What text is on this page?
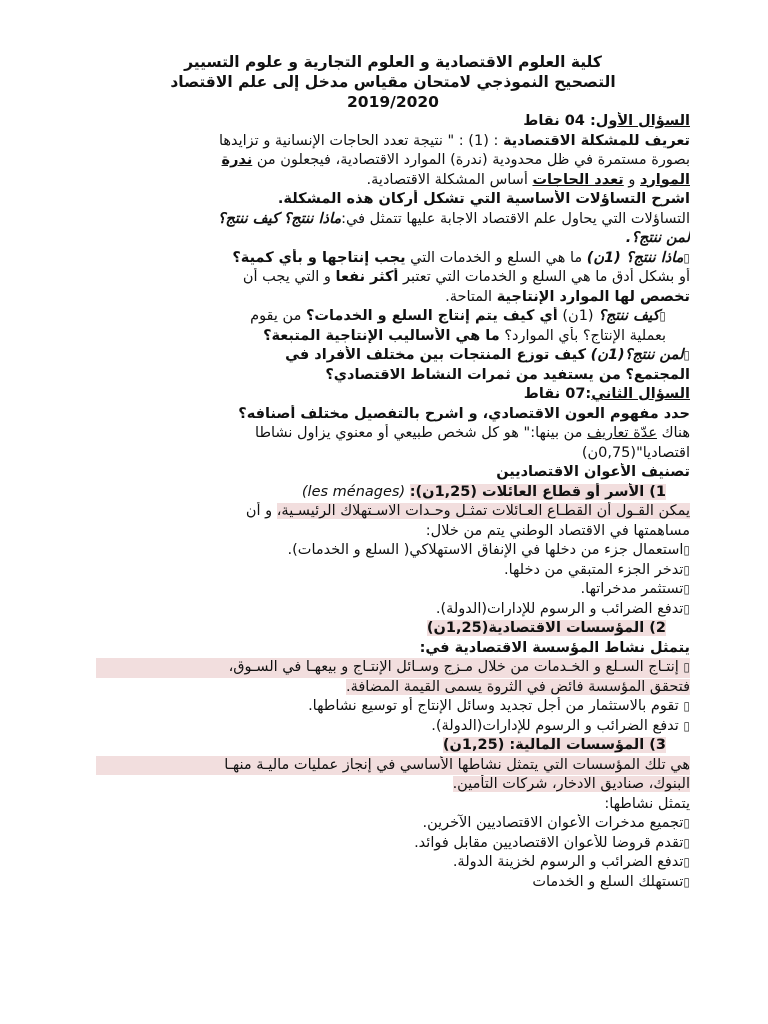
كلية العلوم الاقتصادية و العلوم التجارية و علوم التسيير
التصحيح النموذجي لامتحان مقياس مدخل إلى علم الاقتصاد
2019/2020
السؤال الأول: 04 نقاط
تعريف للمشكلة الاقتصادية : (1) : " نتيجة تعدد الحاجات الإنسانية و تزايدها
بصورة مستمرة في ظل محدودية (ندرة) الموارد الاقتصادية، فيجعلون من ندرة
الموارد و تعدد الحاجات أساس المشكلة الاقتصادية.
اشرح التساؤلات الأساسية التي تشكل أركان هذه المشكلة.
التساؤلات التي يحاول علم الاقتصاد الاجابة عليها تتمثل في:ماذا ننتج؟ كيف ننتج؟
لمن ننتج؟.
▯ماذا ننتج؟ (1ن) ما هي السلع و الخدمات التي يجب إنتاجها و بأي كمية؟
أو بشكل أدق ما هي السلع و الخدمات التي تعتبر أكثر نفعا و التي يجب أن
تخصص لها الموارد الإنتاجية المتاحة.
▯كيف ننتج؟ (1ن) أي كيف يتم إنتاج السلع و الخدمات؟ من يقوم
بعملية الإنتاج؟ بأي الموارد؟ ما هي الأساليب الإنتاجية المتبعة؟
▯لمن ننتج؟(1ن) كيف توزع المنتجات بين مختلف الأفراد في
المجتمع؟ من يستفيد من ثمرات النشاط الاقتصادي؟
السؤال الثاني:07 نقاط
حدد مفهوم العون الاقتصادي، و اشرح بالتفصيل مختلف أصنافه؟
هناك عدّة تعاريف من بينها:" هو كل شخص طبيعي أو معنوي يزاول نشاطا
اقتصاديا"(0,75ن)
تصنيف الأعوان الاقتصاديين
1) الأسر أو قطاع العائلات (1,25ن): (les ménages)
يمكن القـول أن القطـاع العـائلات تمثـل وحـدات الاسـتهلاك الرئيسـية، و أن
مساهمتها في الاقتصاد الوطني يتم من خلال:
▯استعمال جزء من دخلها في الإنفاق الاستهلاكي( السلع و الخدمات).
▯تدخر الجزء المتبقي من دخلها.
▯تستثمر مدخراتها.
▯تدفع الضرائب و الرسوم للإدارات(الدولة).
2) المؤسسات الاقتصادية(1,25ن)
يتمثل نشاط المؤسسة الاقتصادية في:
▯ إنتـاج السـلع و الخـدمات من خلال مـزج وسـائل الإنتـاج و بيعهـا في السـوق،
فتحقق المؤسسة فائض في الثروة يسمى القيمة المضافة.
▯ تقوم بالاستثمار من أجل تجديد وسائل الإنتاج أو توسيع نشاطها.
▯ تدفع الضرائب و الرسوم للإدارات(الدولة).
3) المؤسسات المالية: (1,25ن)
هي تلك المؤسسات التي يتمثل نشاطها الأساسي في إنجاز عمليات ماليـة منهـا
البنوك، صناديق الادخار، شركات التأمين.
يتمثل نشاطها:
▯تجميع مدخرات الأعوان الاقتصاديين الآخرين.
▯تقدم قروضا للأعوان الاقتصاديين مقابل فوائد.
▯تدفع الضرائب و الرسوم لخزينة الدولة.
▯تستهلك السلع و الخدمات
